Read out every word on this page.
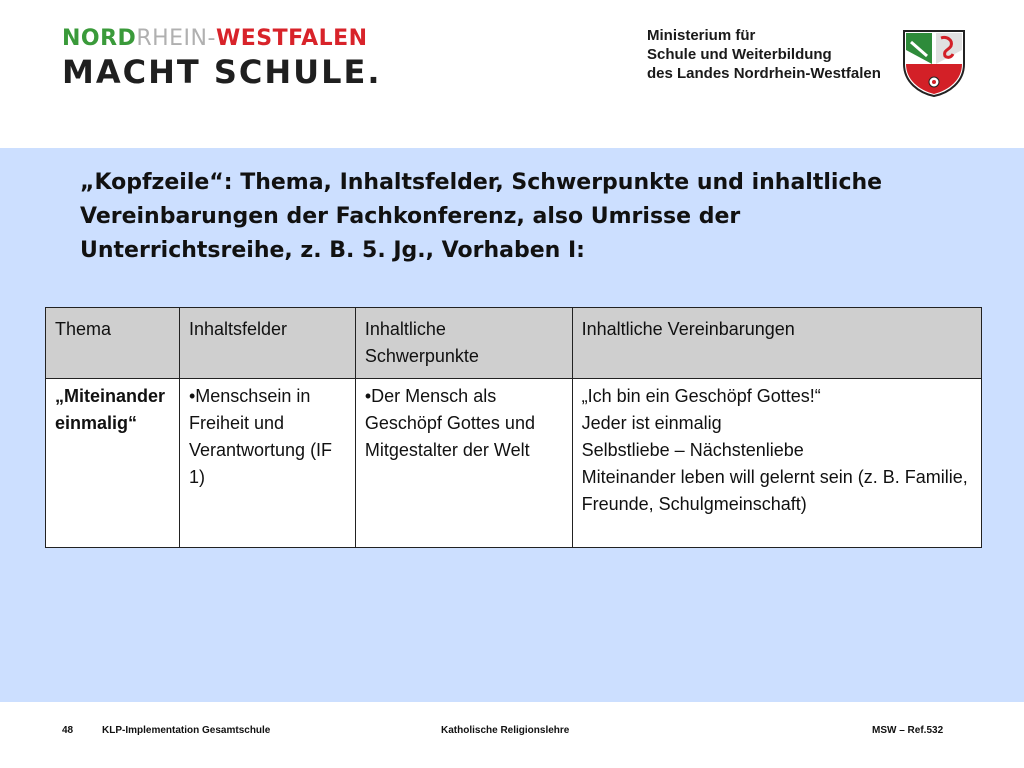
NORDRHEIN-WESTFALEN
MACHT SCHULE.
Ministerium für
Schule und Weiterbildung
des Landes Nordrhein-Westfalen
„Kopfzeile“: Thema, Inhaltsfelder, Schwerpunkte und inhaltliche Vereinbarungen der Fachkonferenz, also Umrisse der Unterrichtsreihe, z. B. 5. Jg., Vorhaben I:
Thema	Inhaltsfelder	Inhaltliche Schwerpunkte	Inhaltliche Vereinbarungen
„Miteinander einmalig“	•Menschsein in Freiheit und Verantwortung (IF 1)	•Der Mensch als Geschöpf Gottes und Mitgestalter der Welt	„Ich bin ein Geschöpf Gottes!“
Jeder ist einmalig
Selbstliebe – Nächstenliebe
Miteinander leben will gelernt sein (z. B. Familie, Freunde, Schulgmeinschaft)
48	KLP-Implementation Gesamtschule	Katholische Religionslehre	MSW – Ref.532
